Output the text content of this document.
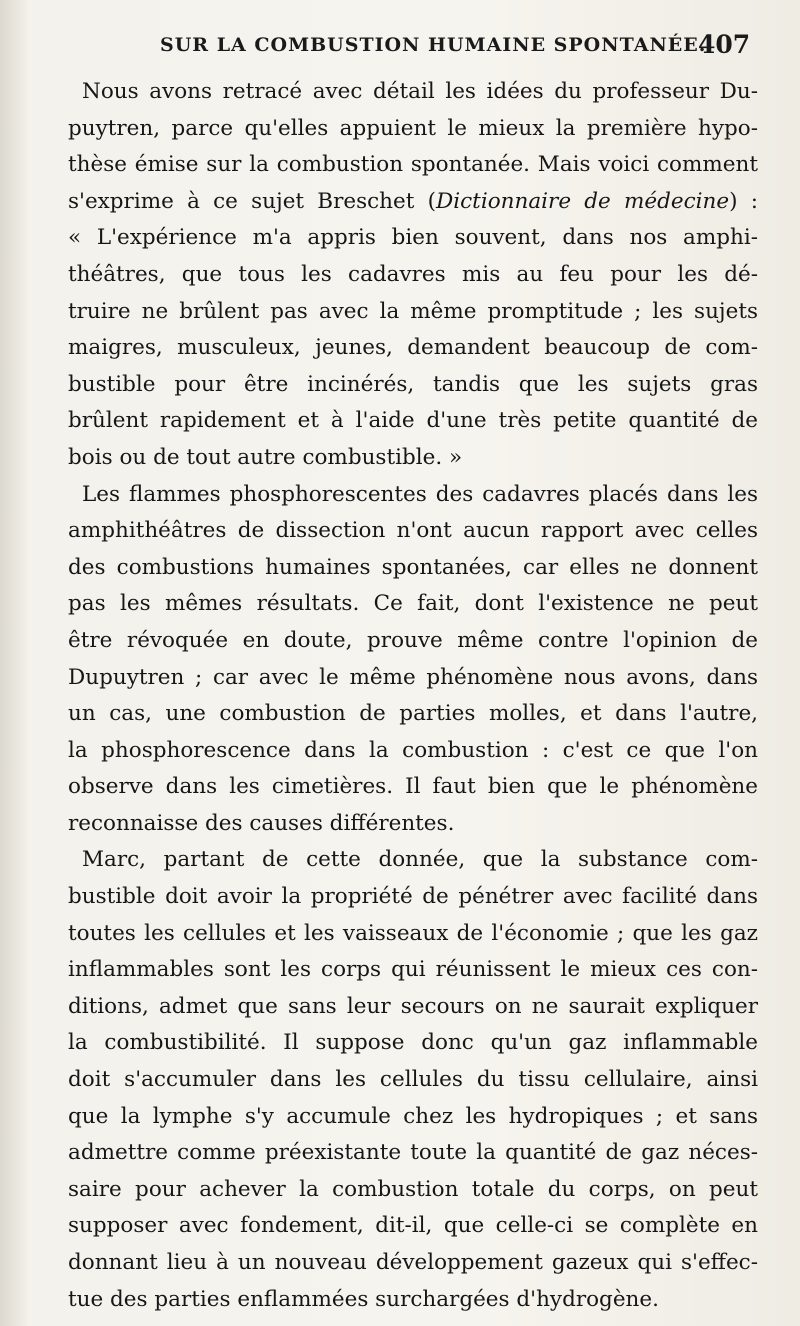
SUR LA COMBUSTION HUMAINE SPONTANÉE.
407

Nous avons retracé avec détail les idées du professeur Du-
puytren, parce qu'elles appuient le mieux la première hypo-
thèse émise sur la combustion spontanée. Mais voici comment
s'exprime à ce sujet Breschet (Dictionnaire de médecine) :
« L'expérience m'a appris bien souvent, dans nos amphi-
théâtres, que tous les cadavres mis au feu pour les dé-
truire ne brûlent pas avec la même promptitude ; les sujets
maigres, musculeux, jeunes, demandent beaucoup de com-
bustible pour être incinérés, tandis que les sujets gras
brûlent rapidement et à l'aide d'une très petite quantité de
bois ou de tout autre combustible. »

Les flammes phosphorescentes des cadavres placés dans les
amphithéâtres de dissection n'ont aucun rapport avec celles
des combustions humaines spontanées, car elles ne donnent
pas les mêmes résultats. Ce fait, dont l'existence ne peut
être révoquée en doute, prouve même contre l'opinion de
Dupuytren ; car avec le même phénomène nous avons, dans
un cas, une combustion de parties molles, et dans l'autre,
la phosphorescence dans la combustion : c'est ce que l'on
observe dans les cimetières. Il faut bien que le phénomène
reconnaisse des causes différentes.

Marc, partant de cette donnée, que la substance com-
bustible doit avoir la propriété de pénétrer avec facilité dans
toutes les cellules et les vaisseaux de l'économie ; que les gaz
inflammables sont les corps qui réunissent le mieux ces con-
ditions, admet que sans leur secours on ne saurait expliquer
la combustibilité. Il suppose donc qu'un gaz inflammable
doit s'accumuler dans les cellules du tissu cellulaire, ainsi
que la lymphe s'y accumule chez les hydropiques ; et sans
admettre comme préexistante toute la quantité de gaz néces-
saire pour achever la combustion totale du corps, on peut
supposer avec fondement, dit-il, que celle-ci se complète en
donnant lieu à un nouveau développement gazeux qui s'effec-
tue des parties enflammées surchargées d'hydrogène.
